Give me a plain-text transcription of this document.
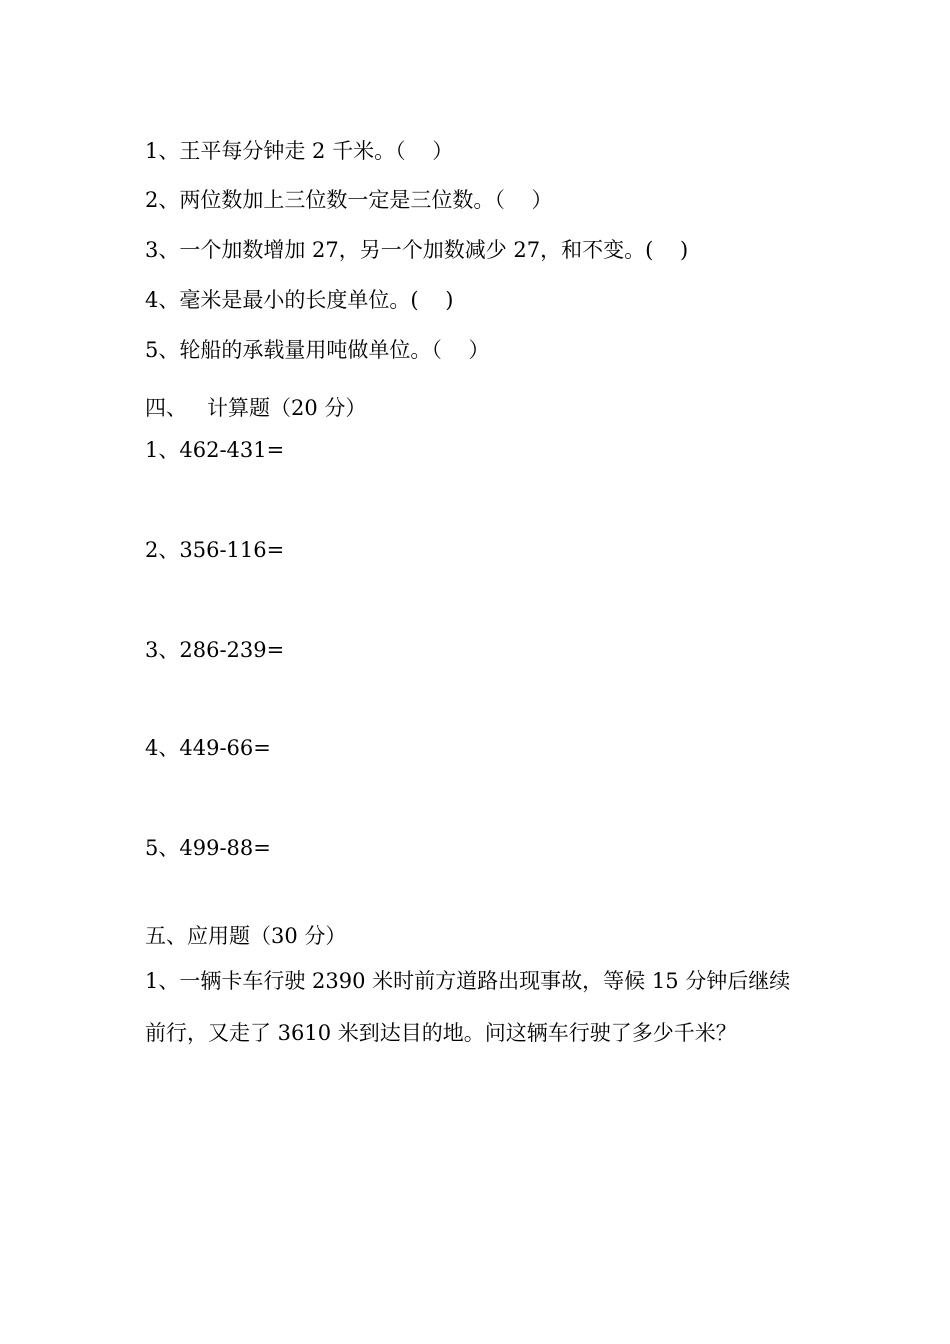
1、王平每分钟走 2 千米。（    ）

2、两位数加上三位数一定是三位数。（    ）

3、一个加数增加 27，另一个加数减少 27，和不变。(    )

4、毫米是最小的长度单位。(    )

5、轮船的承载量用吨做单位。（    ）

四、   计算题（20 分）

1、462-431=

2、356-116=

3、286-239=

4、449-66=

5、499-88=

五、应用题（30 分）

1、一辆卡车行驶 2390 米时前方道路出现事故，等候 15 分钟后继续

前行，又走了 3610 米到达目的地。问这辆车行驶了多少千米？
